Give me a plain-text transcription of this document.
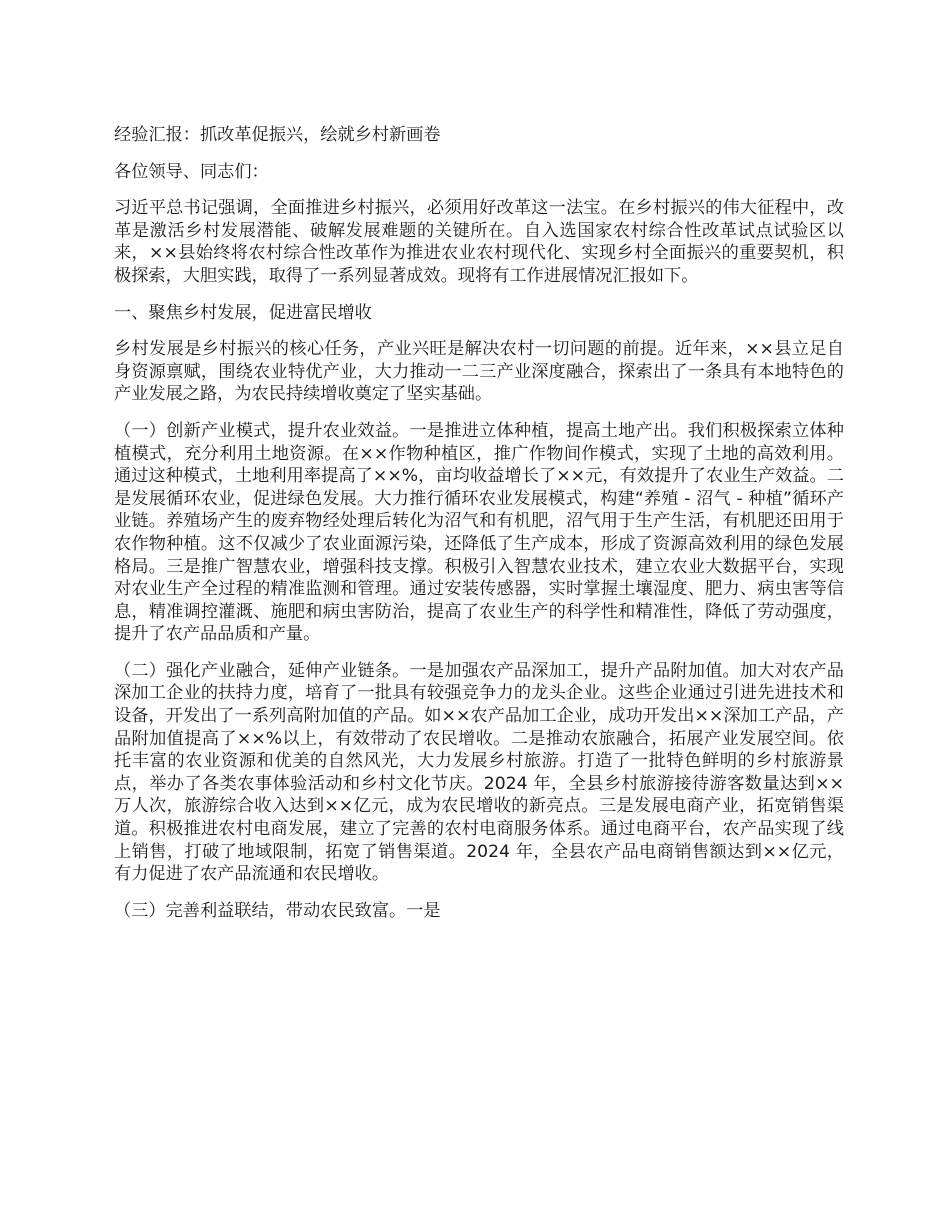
经验汇报：抓改革促振兴，绘就乡村新画卷

各位领导、同志们：

习近平总书记强调，全面推进乡村振兴，必须用好改革这一法宝。在乡村振兴的伟大征程中，改革是激活乡村发展潜能、破解发展难题的关键所在。自入选国家农村综合性改革试点试验区以来，××县始终将农村综合性改革作为推进农业农村现代化、实现乡村全面振兴的重要契机，积极探索，大胆实践，取得了一系列显著成效。现将有工作进展情况汇报如下。

一、聚焦乡村发展，促进富民增收

乡村发展是乡村振兴的核心任务，产业兴旺是解决农村一切问题的前提。近年来，××县立足自身资源禀赋，围绕农业特优产业，大力推动一二三产业深度融合，探索出了一条具有本地特色的产业发展之路，为农民持续增收奠定了坚实基础。

（一）创新产业模式，提升农业效益。一是推进立体种植，提高土地产出。我们积极探索立体种植模式，充分利用土地资源。在××作物种植区，推广作物间作模式，实现了土地的高效利用。通过这种模式，土地利用率提高了××%，亩均收益增长了××元，有效提升了农业生产效益。二是发展循环农业，促进绿色发展。大力推行循环农业发展模式，构建“养殖 - 沼气 - 种植”循环产业链。养殖场产生的废弃物经处理后转化为沼气和有机肥，沼气用于生产生活，有机肥还田用于农作物种植。这不仅减少了农业面源污染，还降低了生产成本，形成了资源高效利用的绿色发展格局。三是推广智慧农业，增强科技支撑。积极引入智慧农业技术，建立农业大数据平台，实现对农业生产全过程的精准监测和管理。通过安装传感器，实时掌握土壤湿度、肥力、病虫害等信息，精准调控灌溉、施肥和病虫害防治，提高了农业生产的科学性和精准性，降低了劳动强度，提升了农产品品质和产量。

（二）强化产业融合，延伸产业链条。一是加强农产品深加工，提升产品附加值。加大对农产品深加工企业的扶持力度，培育了一批具有较强竞争力的龙头企业。这些企业通过引进先进技术和设备，开发出了一系列高附加值的产品。如××农产品加工企业，成功开发出××深加工产品，产品附加值提高了××%以上，有效带动了农民增收。二是推动农旅融合，拓展产业发展空间。依托丰富的农业资源和优美的自然风光，大力发展乡村旅游。打造了一批特色鲜明的乡村旅游景点，举办了各类农事体验活动和乡村文化节庆。2024 年，全县乡村旅游接待游客数量达到××万人次，旅游综合收入达到××亿元，成为农民增收的新亮点。三是发展电商产业，拓宽销售渠道。积极推进农村电商发展，建立了完善的农村电商服务体系。通过电商平台，农产品实现了线上销售，打破了地域限制，拓宽了销售渠道。2024 年，全县农产品电商销售额达到××亿元，有力促进了农产品流通和农民增收。

（三）完善利益联结，带动农民致富。一是
